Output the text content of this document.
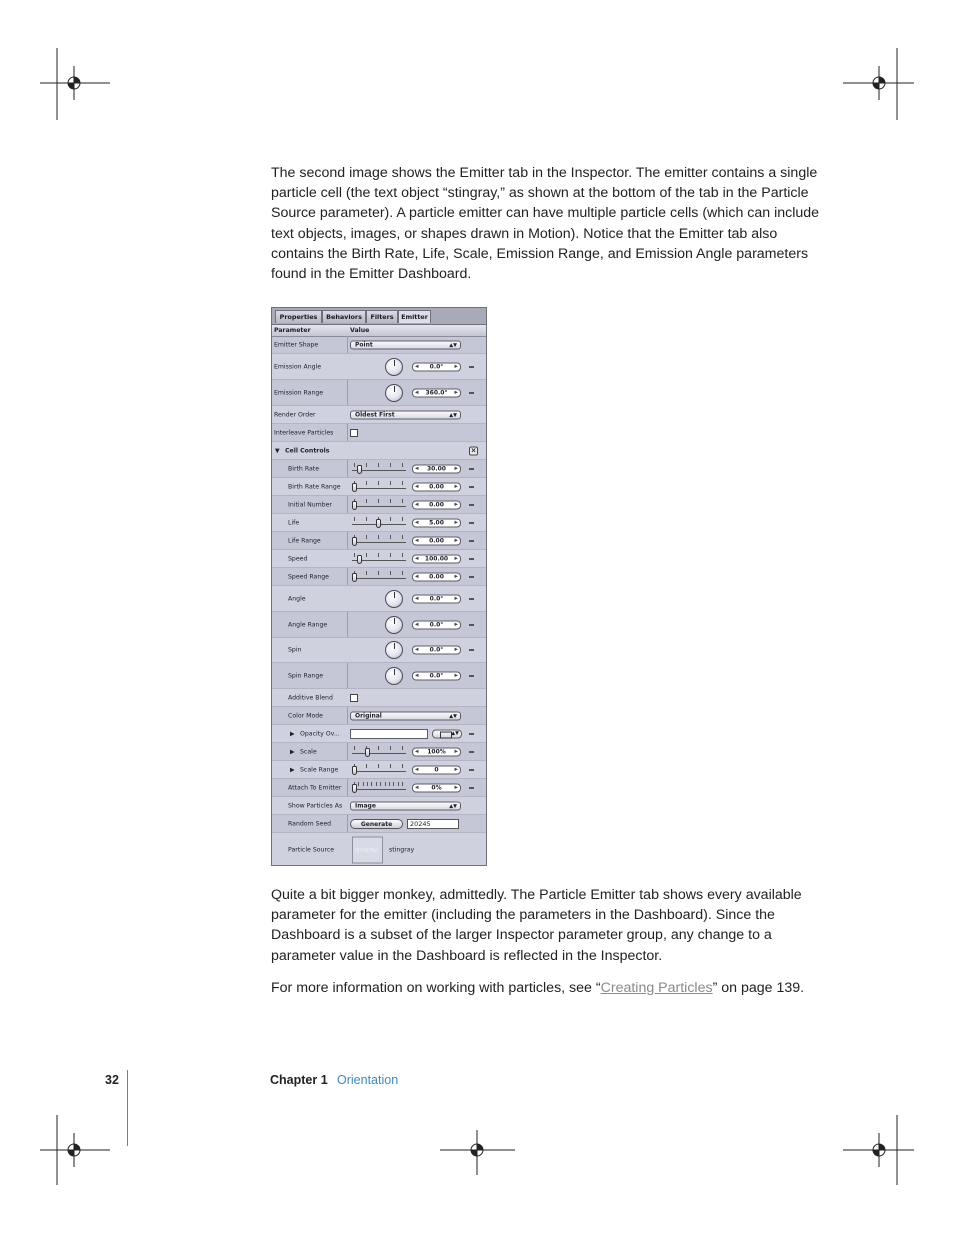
The second image shows the Emitter tab in the Inspector. The emitter contains a single particle cell (the text object “stingray,” as shown at the bottom of the tab in the Particle Source parameter). A particle emitter can have multiple particle cells (which can include text objects, images, or shapes drawn in Motion). Notice that the Emitter tab also contains the Birth Rate, Life, Scale, Emission Range, and Emission Angle parameters found in the Emitter Dashboard.

Properties	Behaviors	Filters	Emitter
Parameter	Value
Emitter Shape	Point	▲▼
Emission Angle	◀ 0.0° ▶
Emission Range	◀ 360.0° ▶
Render Order	Oldest First	▲▼
Interleave Particles
▼ Cell Controls	×
Birth Rate	◀ 30.00 ▶
Birth Rate Range	◀ 0.00 ▶
Initial Number	◀ 0.00 ▶
Life	◀ 5.00 ▶
Life Range	◀ 0.00 ▶
Speed	◀ 100.00 ▶
Speed Range	◀ 0.00 ▶
Angle	◀ 0.0° ▶
Angle Range	◀ 0.0° ▶
Spin	◀ 0.0° ▶
Spin Range	◀ 0.0° ▶
Additive Blend
Color Mode	Original	▲▼
▶ Opacity Ov...	▲▼
▶ Scale	◀ 100% ▶
▶ Scale Range	◀	0	▶
Attach To Emitter	◀ 0%	▶
Show Particles As	Image	▲▼
Random Seed	Generate	20245
Particle Source	stingray stingray

Quite a bit bigger monkey, admittedly. The Particle Emitter tab shows every available parameter for the emitter (including the parameters in the Dashboard). Since the Dashboard is a subset of the larger Inspector parameter group, any change to a parameter value in the Dashboard is reflected in the Inspector.

For more information on working with particles, see “Creating Particles” on page 139.

32	Chapter 1 Orientation
